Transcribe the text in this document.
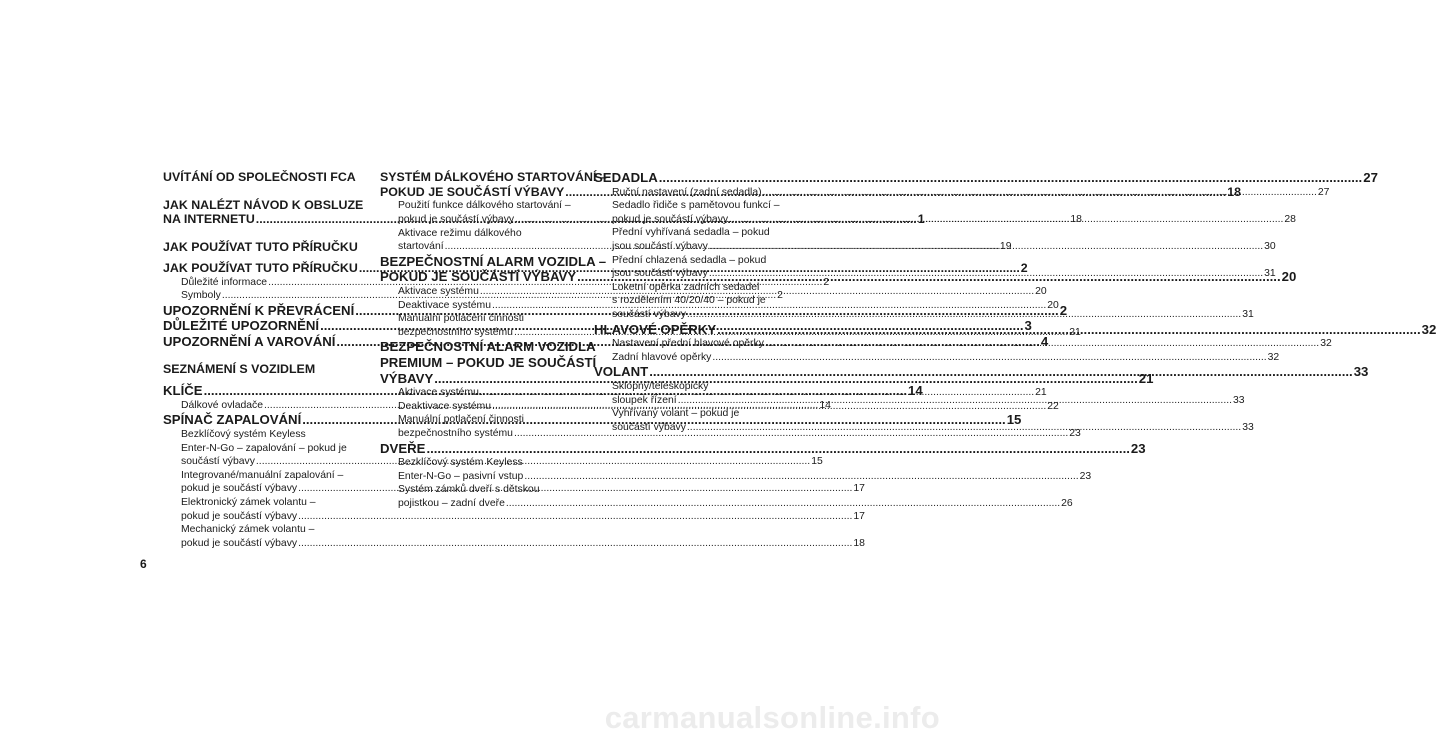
UVÍTÁNÍ OD SPOLEČNOSTI FCA
JAK NALÉZT NÁVOD K OBSLUZE
NA INTERNETU .....	1
JAK POUŽÍVAT TUTO PŘÍRUČKU
JAK POUŽÍVAT TUTO PŘÍRUČKU .....	2
Důležité informace .....	2
Symboly .....	2
UPOZORNĚNÍ K PŘEVRÁCENÍ .....	2
DŮLEŽITÉ UPOZORNĚNÍ .....	3
UPOZORNĚNÍ A VAROVÁNÍ .....	4
SEZNÁMENÍ S VOZIDLEM
KLÍČE .....	14
Dálkové ovladače .....	14
SPÍNAČ ZAPALOVÁNÍ .....	15
Bezklíčový systém Keyless
Enter-N-Go – zapalování – pokud je
součástí výbavy .....	15
Integrované/manuální zapalování –
pokud je součástí výbavy .....	17
Elektronický zámek volantu –
pokud je součástí výbavy .....	17
Mechanický zámek volantu –
pokud je součástí výbavy .....	18
SYSTÉM DÁLKOVÉHO STARTOVÁNÍ –
POKUD JE SOUČÁSTÍ VÝBAVY .....	18
Použití funkce dálkového startování –
pokud je součástí výbavy .....	18
Aktivace režimu dálkového
startování .....	19
BEZPEČNOSTNÍ ALARM VOZIDLA –
POKUD JE SOUČÁSTÍ VÝBAVY .....	20
Aktivace systému .....	20
Deaktivace systému .....	20
Manuální potlačení činnosti
bezpečnostního systému .....	21
BEZPEČNOSTNÍ ALARM VOZIDLA
PREMIUM – POKUD JE SOUČÁSTÍ
VÝBAVY .....	21
Aktivace systému .....	21
Deaktivace systému .....	22
Manuální potlačení činnosti
bezpečnostního systému .....	23
DVEŘE .....	23
Bezklíčový systém Keyless
Enter-N-Go – pasivní vstup .....	23
Systém zámků dveří s dětskou
pojistkou – zadní dveře .....	26
SEDADLA .....	27
Ruční nastavení (zadní sedadla) .....	27
Sedadlo řidiče s pamětovou funkcí –
pokud je součástí výbavy .....	28
Přední vyhřívaná sedadla – pokud
jsou součástí výbavy .....	30
Přední chlazená sedadla – pokud
jsou součástí výbavy .....	31
Loketní opěrka zadních sedadel
s rozdělením 40/20/40 – pokud je
součástí výbavy .....	31
HLAVOVÉ OPĚRKY .....	32
Nastavení přední hlavové opěrky .....	32
Zadní hlavové opěrky .....	32
VOLANT .....	33
Sklopný/teleskopický
sloupek řízení .....	33
Vyhřívaný volant – pokud je
součástí výbavy .....	33
6
carmanualsonline.info
